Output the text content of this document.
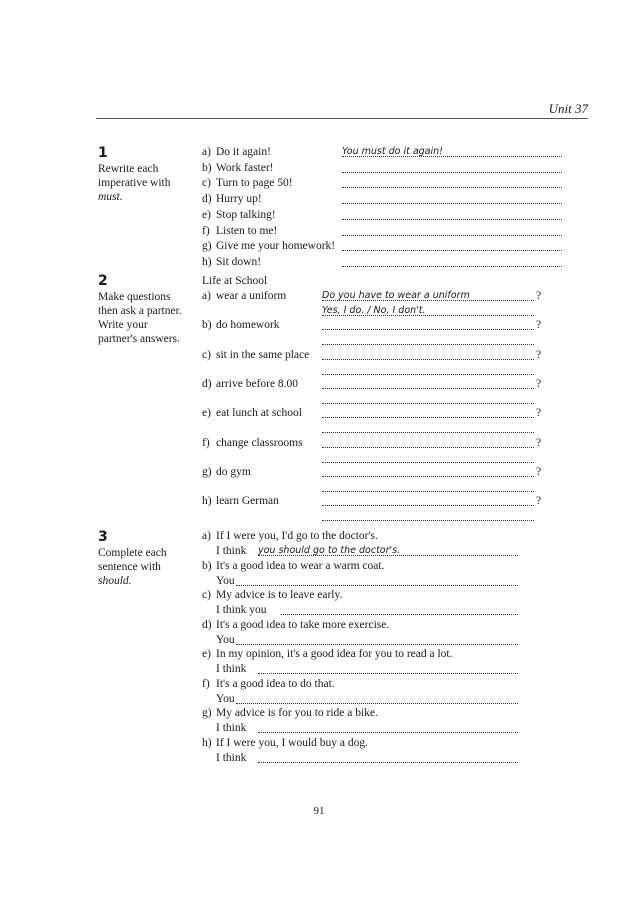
Unit 37
1
Rewrite each imperative with must.
a) Do it again!
b) Work faster!
c) Turn to page 50!
d) Hurry up!
e) Stop talking!
f) Listen to me!
g) Give me your homework!
h) Sit down!
You must do it again!
2
Make questions then ask a partner. Write your partner's answers.
Life at School
a) wear a uniform	?
b) do homework	?
c) sit in the same place	?
d) arrive before 8.00	?
e) eat lunch at school	?
f) change classrooms	?
g) do gym	?
h) learn German	?
Do you have to wear a uniform
Yes, I do. / No, I don't.
3
Complete each sentence with should.
a) If I were you, I'd go to the doctor's.
I think
b) It's a good idea to wear a warm coat.
You
c) My advice is to leave early.
I think you
d) It's a good idea to take more exercise.
You
e) In my opinion, it's a good idea for you to read a lot.
I think
f) It's a good idea to do that.
You
g) My advice is for you to ride a bike.
I think
h) If I were you, I would buy a dog.
I think
you should go to the doctor's.
91
